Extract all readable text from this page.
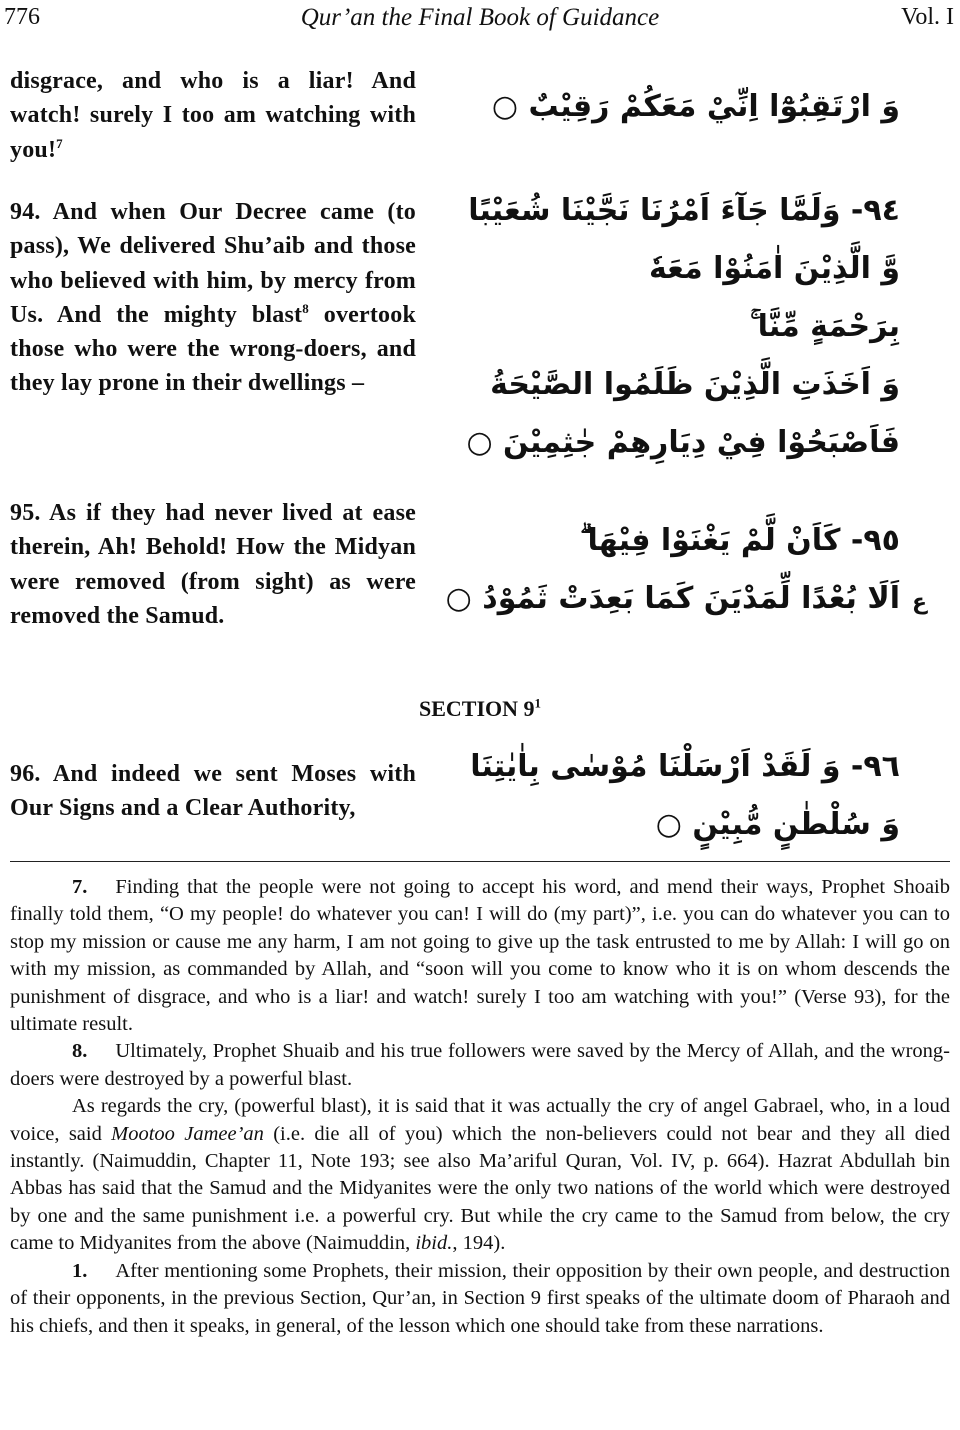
776	Qur’an the Final Book of Guidance	Vol. I
disgrace, and who is a liar! And watch! surely I too am watching with you!$^7$
وَ ارْتَقِبُوْٓا اِنِّيْ مَعَكُمْ رَقِيْبٌ ○
94. And when Our Decree came (to pass), We delivered Shu’aib and those who believed with him, by mercy from Us. And the mighty blast$^8$ overtook those who were the wrong-doers, and they lay prone in their dwellings –
٩٤- وَلَمَّا جَآءَ اَمْرُنَا نَجَّيْنَا شُعَيْبًا
وَّ الَّذِيْنَ اٰمَنُوْا مَعَهٗ
بِرَحْمَةٍ مِّنَّا ۚ
وَ اَخَذَتِ الَّذِيْنَ ظَلَمُوا الصَّيْحَةُ
فَاَصْبَحُوْا فِيْ دِيَارِهِمْ جٰثِمِيْنَ ○
95. As if they had never lived at ease therein, Ah! Behold! How the Midyan were removed (from sight) as were removed the Samud.
٩٥- كَاَنْ لَّمْ يَغْنَوْا فِيْهَا ۗ
اَلَا بُعْدًا لِّمَدْيَنَ كَمَا بَعِدَتْ ثَمُوْدُ ○ ع
SECTION $9^1$
96. And indeed we sent Moses with Our Signs and a Clear Authority,
٩٦- وَ لَقَدْ اَرْسَلْنَا مُوْسٰى بِاٰيٰتِنَا
وَ سُلْطٰنٍ مُّبِيْنٍ ○

7. Finding that the people were not going to accept his word, and mend their ways, Prophet Shoaib finally told them, “O my people! do whatever you can! I will do (my part)”, i.e. you can do whatever you can to stop my mission or cause me any harm, I am not going to give up the task entrusted to me by Allah: I will go on with my mission, as commanded by Allah, and “soon will you come to know who it is on whom descends the punishment of disgrace, and who is a liar! and watch! surely I too am watching with you!” (Verse 93), for the ultimate result.

8. Ultimately, Prophet Shuaib and his true followers were saved by the Mercy of Allah, and the wrong-doers were destroyed by a powerful blast.

As regards the cry, (powerful blast), it is said that it was actually the cry of angel Gabrael, who, in a loud voice, said Mootoo Jamee’an (i.e. die all of you) which the non-believers could not bear and they all died instantly. (Naimuddin, Chapter 11, Note 193; see also Ma’ariful Quran, Vol. IV, p. 664). Hazrat Abdullah bin Abbas has said that the Samud and the Midyanites were the only two nations of the world which were destroyed by one and the same punishment i.e. a powerful cry. But while the cry came to the Samud from below, the cry came to Midyanites from the above (Naimuddin, ibid., 194).

1. After mentioning some Prophets, their mission, their opposition by their own people, and destruction of their opponents, in the previous Section, Qur’an, in Section 9 first speaks of the ultimate doom of Pharaoh and his chiefs, and then it speaks, in general, of the lesson which one should take from these narrations.
